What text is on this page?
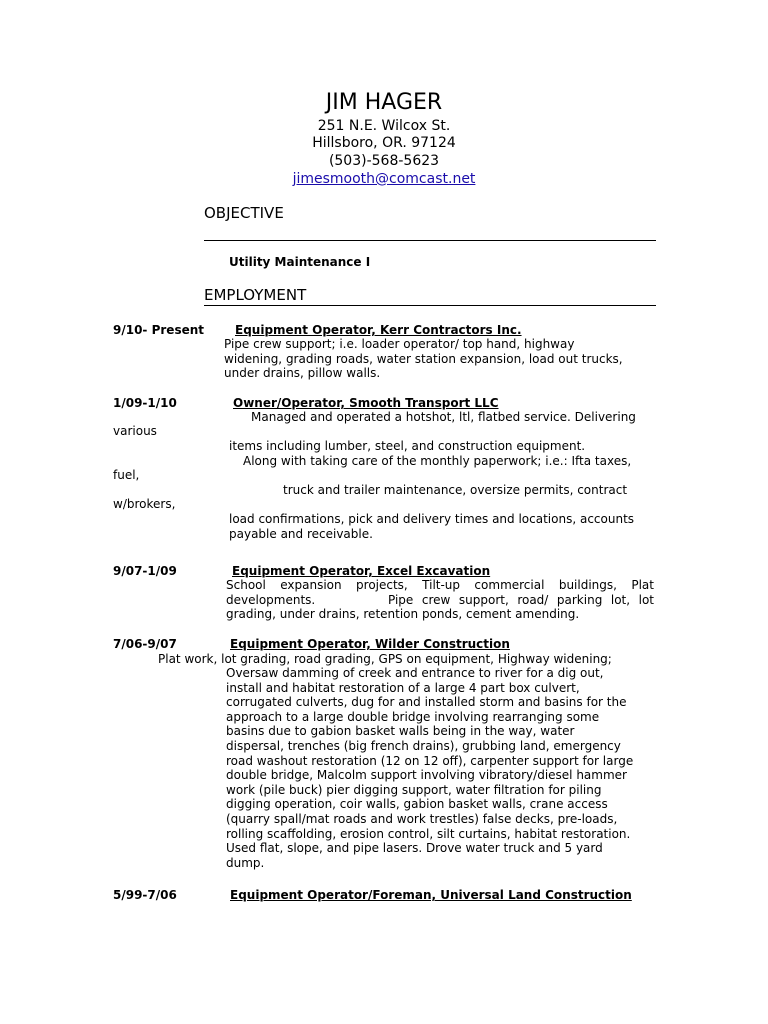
JIM HAGER
251 N.E. Wilcox St.
Hillsboro, OR. 97124
(503)-568-5623
jimesmooth@comcast.net
OBJECTIVE
Utility Maintenance I
EMPLOYMENT
9/10- Present	Equipment Operator, Kerr Contractors Inc.
Pipe crew support; i.e. loader operator/ top hand, highway
widening, grading roads, water station expansion, load out trucks,
under drains, pillow walls.
1/09-1/10	Owner/Operator, Smooth Transport LLC
Managed and operated a hotshot, ltl, flatbed service. Delivering
various
items including lumber, steel, and construction equipment.
Along with taking care of the monthly paperwork; i.e.: Ifta taxes,
fuel,
truck and trailer maintenance, oversize permits, contract
w/brokers,
load confirmations, pick and delivery times and locations, accounts
payable and receivable.
9/07-1/09	Equipment Operator, Excel Excavation
School expansion projects, Tilt-up commercial buildings, Plat
developments.	Pipe crew support, road/ parking lot, lot
grading, under drains, retention ponds, cement amending.
7/06-9/07	Equipment Operator, Wilder Construction
Plat work, lot grading, road grading, GPS on equipment, Highway widening;
Oversaw damming of creek and entrance to river for a dig out,
install and habitat restoration of a large 4 part box culvert,
corrugated culverts, dug for and installed storm and basins for the
approach to a large double bridge involving rearranging some
basins due to gabion basket walls being in the way, water
dispersal, trenches (big french drains), grubbing land, emergency
road washout restoration (12 on 12 off), carpenter support for large
double bridge, Malcolm support involving vibratory/diesel hammer
work (pile buck) pier digging support, water filtration for piling
digging operation, coir walls, gabion basket walls, crane access
(quarry spall/mat roads and work trestles) false decks, pre-loads,
rolling scaffolding, erosion control, silt curtains, habitat restoration.
Used flat, slope, and pipe lasers. Drove water truck and 5 yard
dump.
5/99-7/06	Equipment Operator/Foreman, Universal Land Construction
